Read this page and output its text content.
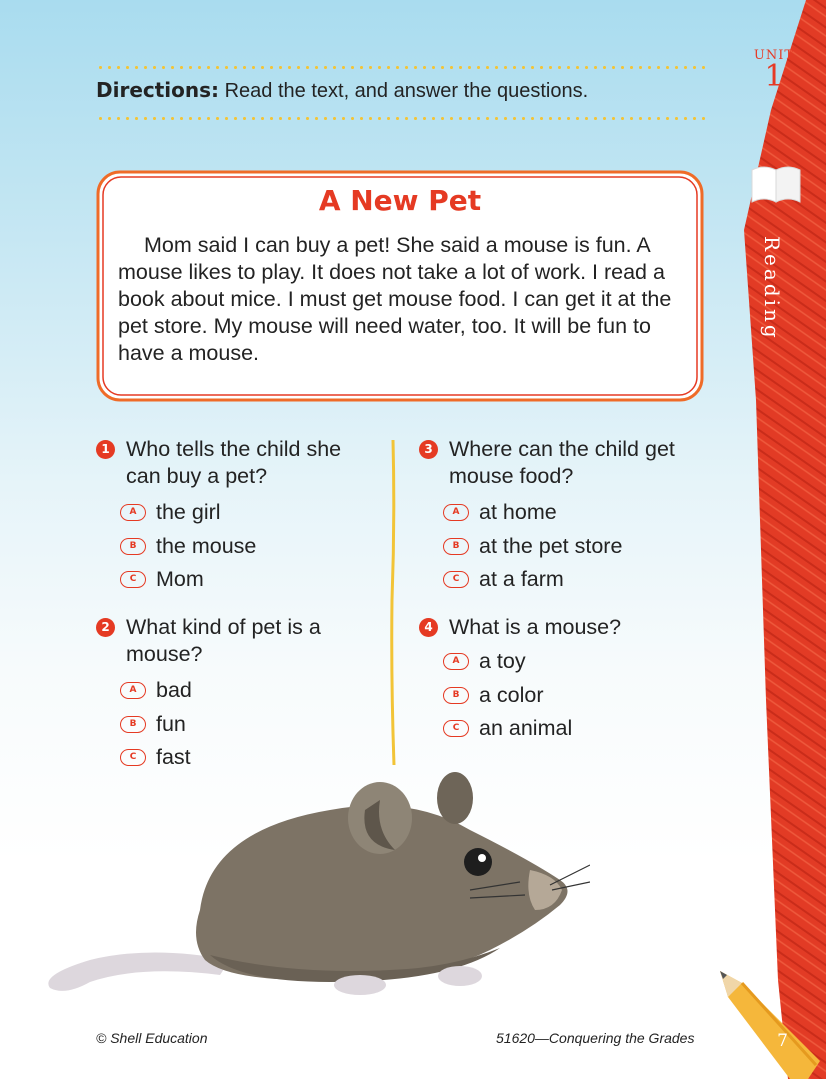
UNIT
1
Reading
7
Directions: Read the text, and answer the questions.
A New Pet
Mom said I can buy a pet! She said a mouse is fun. A mouse likes to play. It does not take a lot of work. I read a book about mice. I must get mouse food. I can get it at the pet store. My mouse will need water, too. It will be fun to have a mouse.
1 Who tells the child she can buy a pet?
A the girl
B the mouse
C Mom
2 What kind of pet is a mouse?
A bad
B fun
C fast
3 Where can the child get mouse food?
A at home
B at the pet store
C at a farm
4 What is a mouse?
A a toy
B a color
C an animal
© Shell Education	51620—Conquering the Grades
